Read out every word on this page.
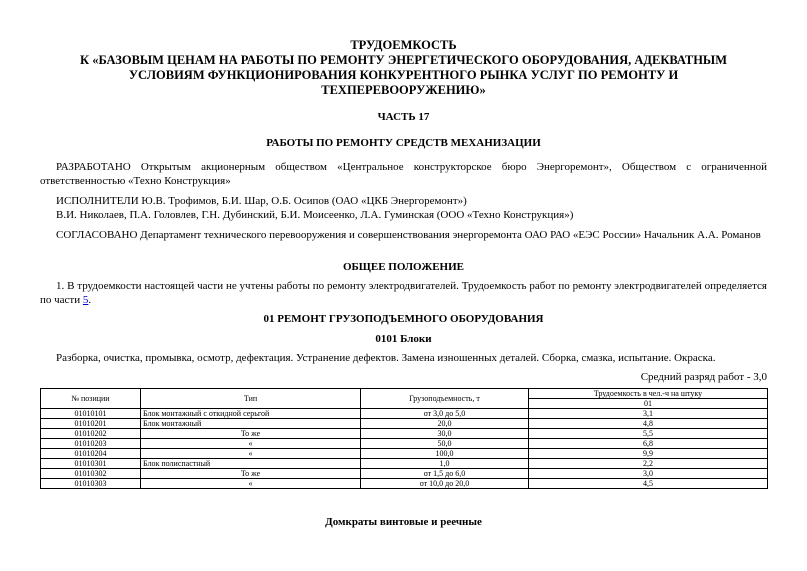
ТРУДОЕМКОСТЬ
К «БАЗОВЫМ ЦЕНАМ НА РАБОТЫ ПО РЕМОНТУ ЭНЕРГЕТИЧЕСКОГО ОБОРУДОВАНИЯ, АДЕКВАТНЫМ
УСЛОВИЯМ ФУНКЦИОНИРОВАНИЯ КОНКУРЕНТНОГО РЫНКА УСЛУГ ПО РЕМОНТУ И
ТЕХПЕРЕВООРУЖЕНИЮ»
ЧАСТЬ 17
РАБОТЫ ПО РЕМОНТУ СРЕДСТВ МЕХАНИЗАЦИИ
РАЗРАБОТАНО Открытым акционерным обществом «Центральное конструкторское бюро Энергоремонт», Обществом с ограниченной ответственностью «Техно Конструкция»
ИСПОЛНИТЕЛИ Ю.В. Трофимов, Б.И. Шар, О.Б. Осипов (ОАО «ЦКБ Энергоремонт»)
В.И. Николаев, П.А. Головлев, Г.Н. Дубинский, Б.И. Моисеенко, Л.А. Гуминская (ООО «Техно Конструкция»)
СОГЛАСОВАНО Департамент технического перевооружения и совершенствования энергоремонта ОАО РАО «ЕЭС России» Начальник А.А. Романов
ОБЩЕЕ ПОЛОЖЕНИЕ
1. В трудоемкости настоящей части не учтены работы по ремонту электродвигателей. Трудоемкость работ по ремонту электродвигателей определяется по части 5.
01 РЕМОНТ ГРУЗОПОДЪЕМНОГО ОБОРУДОВАНИЯ
0101 Блоки
Разборка, очистка, промывка, осмотр, дефектация. Устранение дефектов. Замена изношенных деталей. Сборка, смазка, испытание. Окраска.
Средний разряд работ - 3,0
№ позиции	Тип	Грузоподъемность, т	Трудоемкость в чел.-ч на штуку
			01
01010101	Блок монтажный с откидной серьгой	от 3,0 до 5,0	3,1
01010201	Блок монтажный	20,0	4,8
01010202	То же	30,0	5,5
01010203	«	50,0	6,8
01010204	«	100,0	9,9
01010301	Блок полиспастный	1,0	2,2
01010302	То же	от 1,5 до 6,0	3,0
01010303	«	от 10,0 до 20,0	4,5
Домкраты винтовые и реечные
